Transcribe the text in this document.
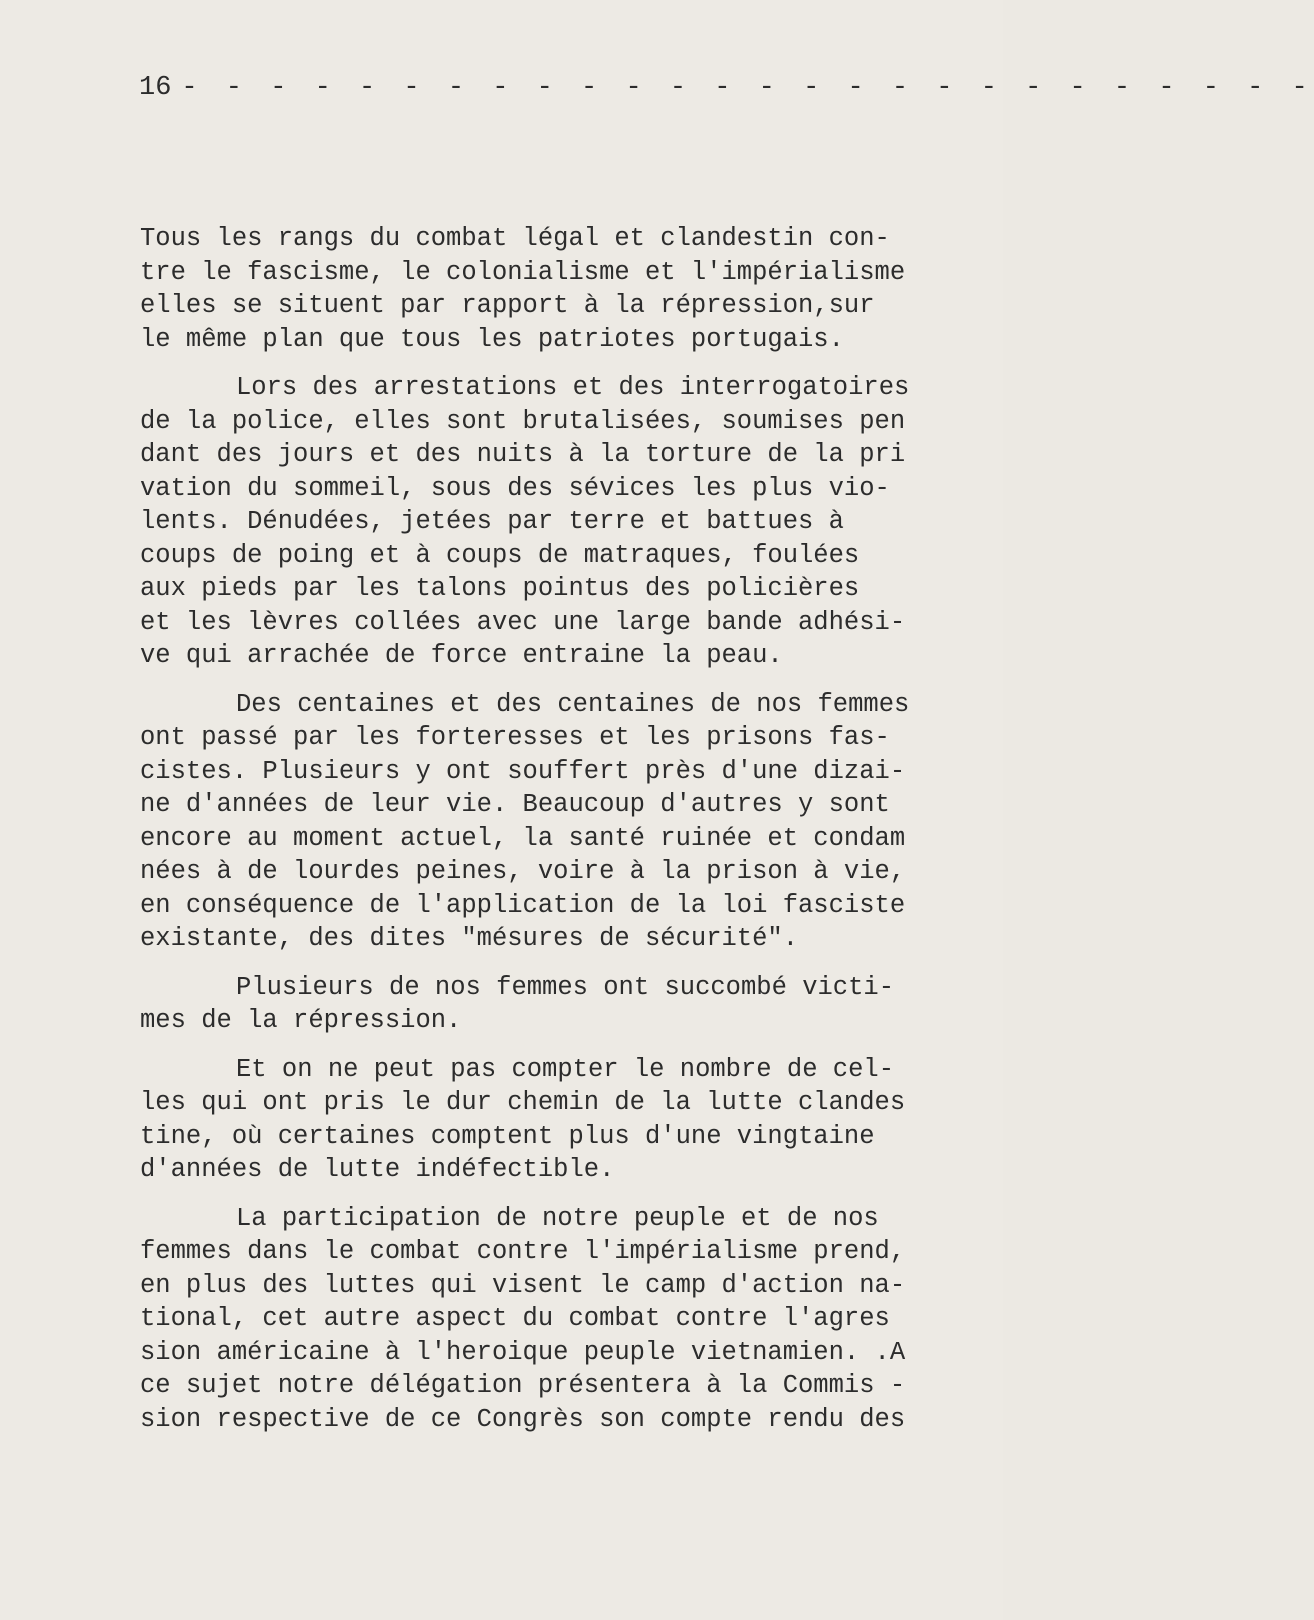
16 - - - - - - - - - - - - - - - - - - - - - - - - - -
Tous les rangs du combat légal et clandestin con-
tre le fascisme, le colonialisme et l'impérialisme
elles se situent par rapport à la répression,sur
le même plan que tous les patriotes portugais.
Lors des arrestations et des interrogatoires
de la police, elles sont brutalisées, soumises pen
dant des jours et des nuits à la torture de la pri
vation du sommeil, sous des sévices les plus vio-
lents. Dénudées, jetées par terre et battues à
coups de poing et à coups de matraques, foulées
aux pieds par les talons pointus des policières
et les lèvres collées avec une large bande adhési-
ve qui arrachée de force entraine la peau.
Des centaines et des centaines de nos femmes
ont passé par les forteresses et les prisons fas-
cistes. Plusieurs y ont souffert près d'une dizai-
ne d'années de leur vie. Beaucoup d'autres y sont
encore au moment actuel, la santé ruinée et condam
nées à de lourdes peines, voire à la prison à vie,
en conséquence de l'application de la loi fasciste
existante, des dites "mésures de sécurité".
Plusieurs de nos femmes ont succombé victi-
mes de la répression.
Et on ne peut pas compter le nombre de cel-
les qui ont pris le dur chemin de la lutte clandes
tine, où certaines comptent plus d'une vingtaine
d'années de lutte indéfectible.
La participation de notre peuple et de nos
femmes dans le combat contre l'impérialisme prend,
en plus des luttes qui visent le camp d'action na-
tional, cet autre aspect du combat contre l'agres
sion américaine à l'heroique peuple vietnamien. .A
ce sujet notre délégation présentera à la Commis -
sion respective de ce Congrès son compte rendu des
